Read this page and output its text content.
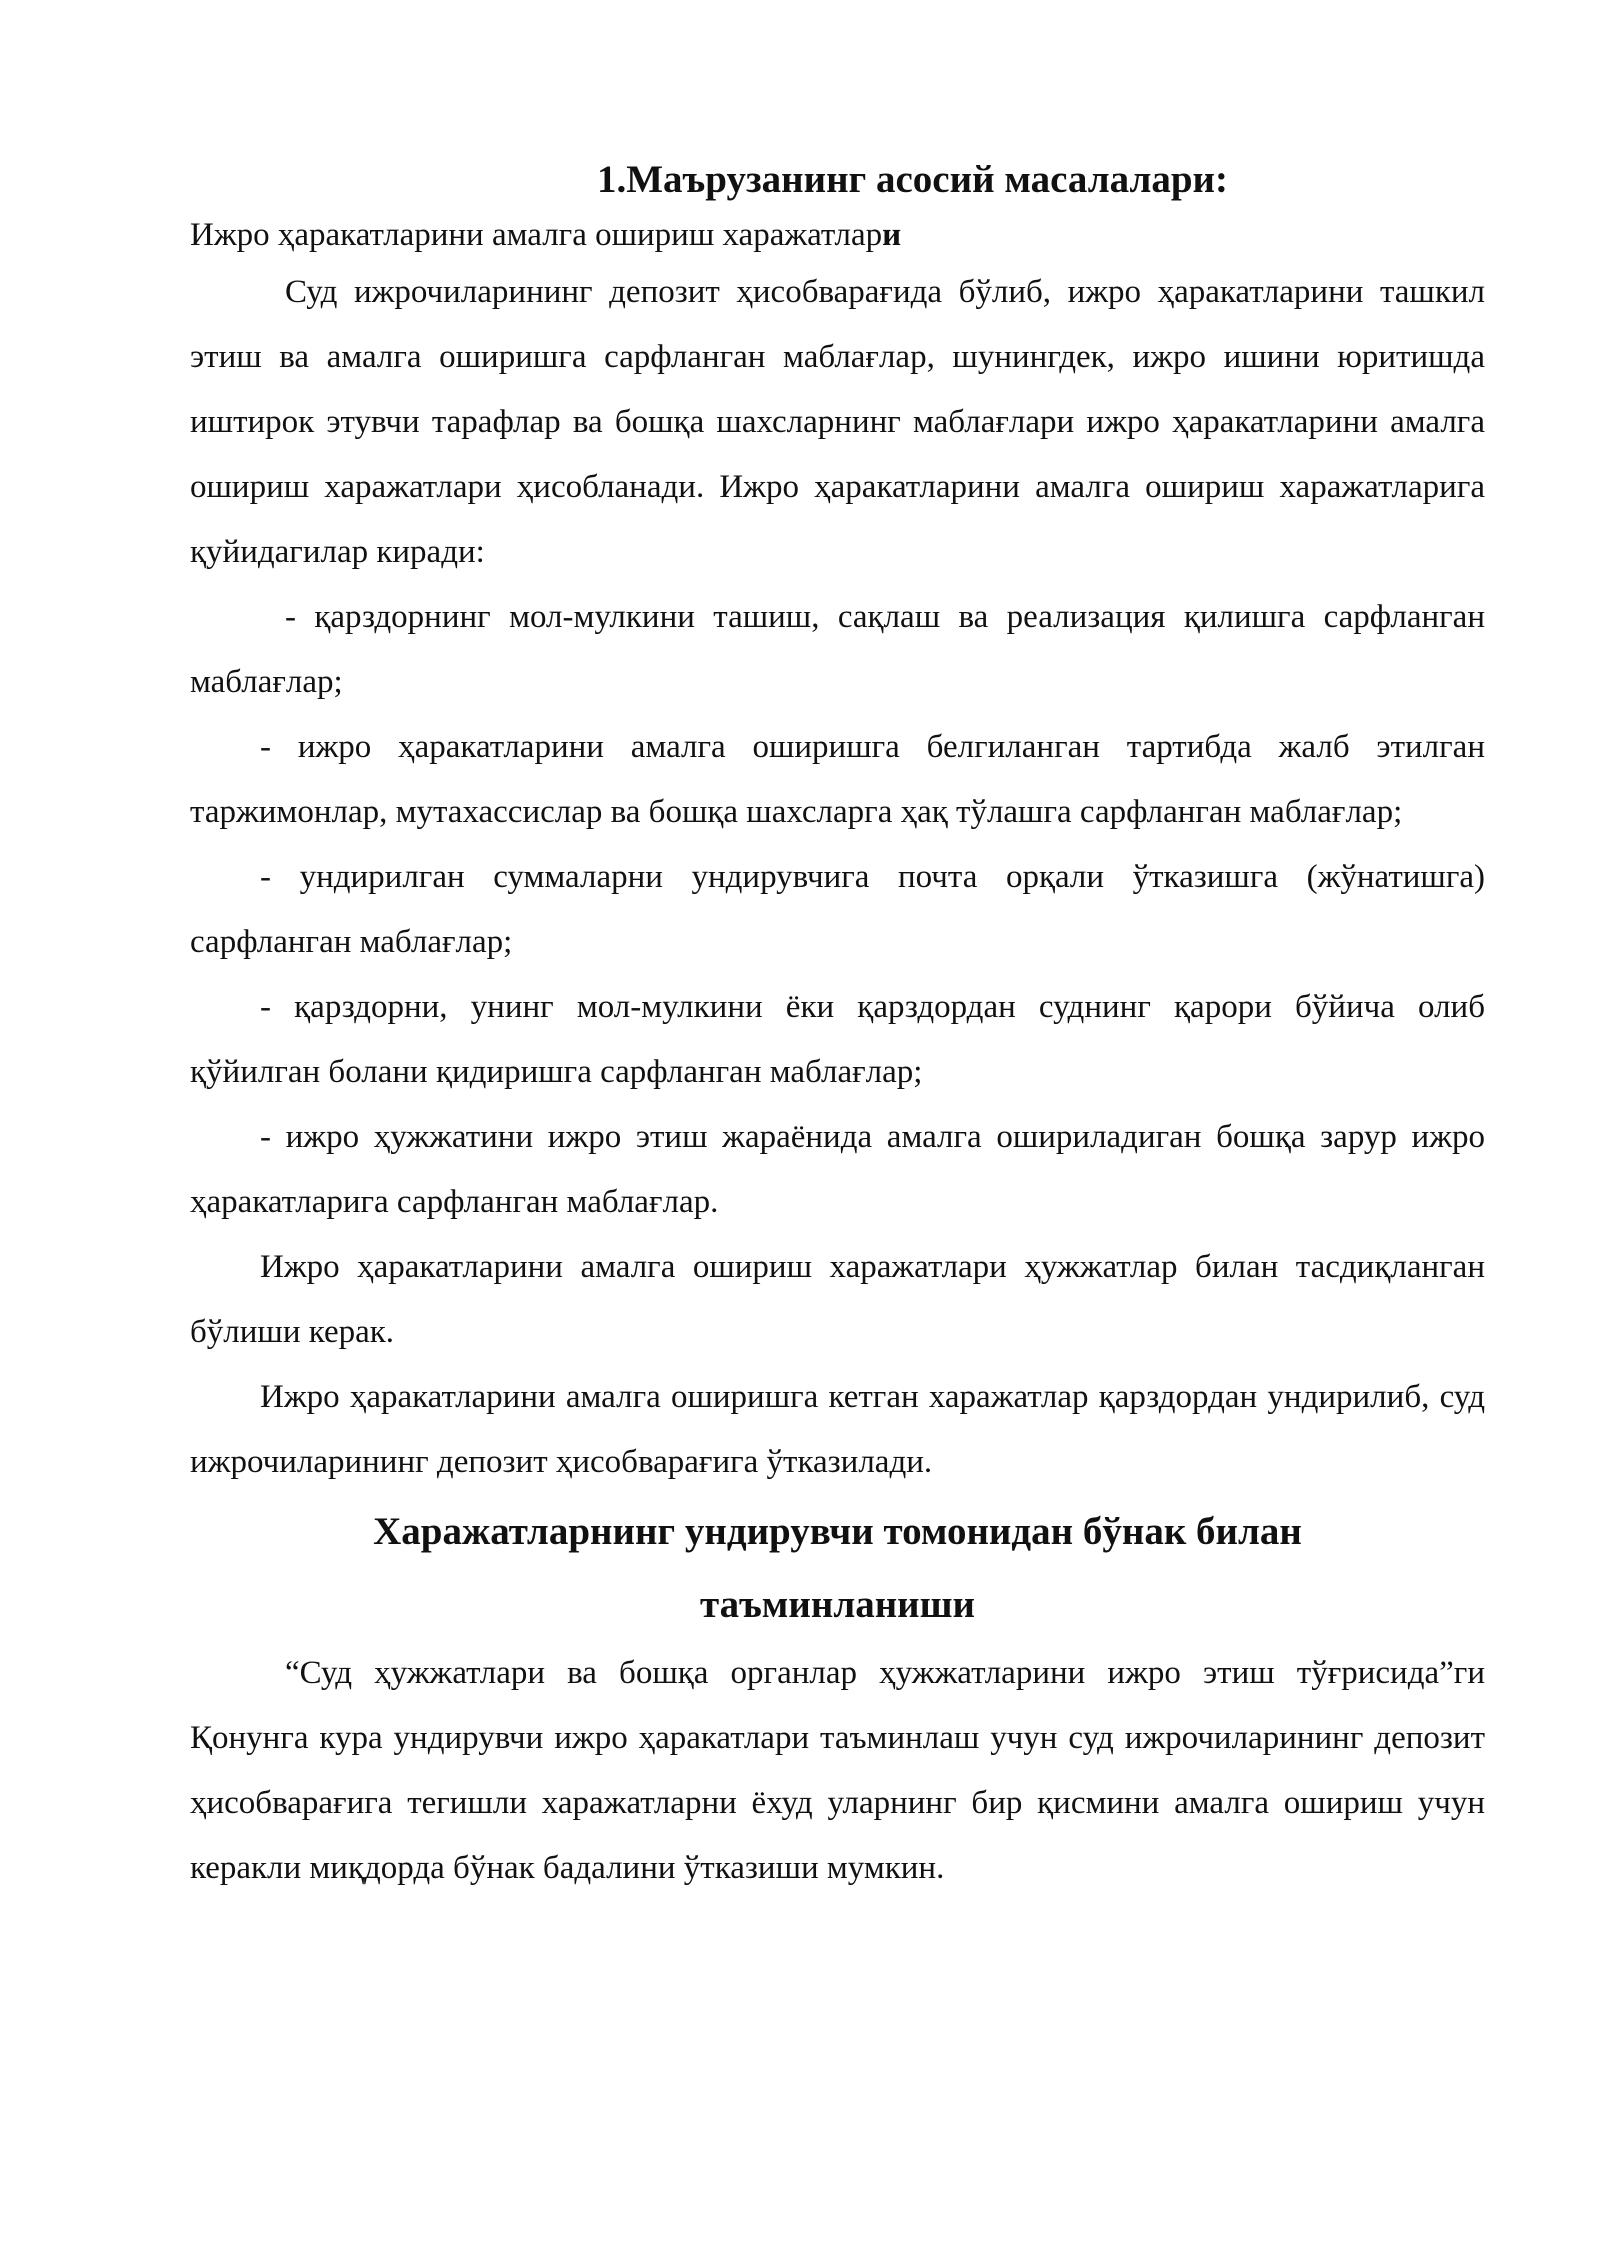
1.Маърузанинг асосий масалалари:

Ижро ҳаракатларини амалга ошириш харажатлари

Суд ижрочиларининг депозит ҳисобварағида бўлиб, ижро ҳаракатларини ташкил этиш ва амалга оширишга сарфланган маблағлар, шунингдек, ижро ишини юритишда иштирок этувчи тарафлар ва бошқа шахсларнинг маблағлари ижро ҳаракатларини амалга ошириш харажатлари ҳисобланади. Ижро ҳаракатларини амалга ошириш харажатларига қуйидагилар киради:

- қарздорнинг мол-мулкини ташиш, сақлаш ва реализация қилишга сарфланган маблағлар;

- ижро ҳаракатларини амалга оширишга белгиланган тартибда жалб этилган таржимонлар, мутахассислар ва бошқа шахсларга ҳақ тўлашга сарфланган маблағлар;

- ундирилган суммаларни ундирувчига почта орқали ўтказишга (жўнатишга) сарфланган маблағлар;

- қарздорни, унинг мол-мулкини ёки қарздордан суднинг қарори бўйича олиб қўйилган болани қидиришга сарфланган маблағлар;

- ижро ҳужжатини ижро этиш жараёнида амалга ошириладиган бошқа зарур ижро ҳаракатларига сарфланган маблағлар.

Ижро ҳаракатларини амалга ошириш харажатлари ҳужжатлар билан тасдиқланган бўлиши керак.

Ижро ҳаракатларини амалга оширишга кетган харажатлар қарздордан ундирилиб, суд ижрочиларининг депозит ҳисобварағига ўтказилади.

Харажатларнинг ундирувчи томонидан бўнак билан
таъминланиши

“Суд ҳужжатлари ва бошқа органлар ҳужжатларини ижро этиш тўғрисида”ги Қонунга кура ундирувчи ижро ҳаракатлари таъминлаш учун суд ижрочиларининг депозит ҳисобварағига тегишли харажатларни ёхуд уларнинг бир қисмини амалга ошириш учун керакли миқдорда бўнак бадалини ўтказиши мумкин.
